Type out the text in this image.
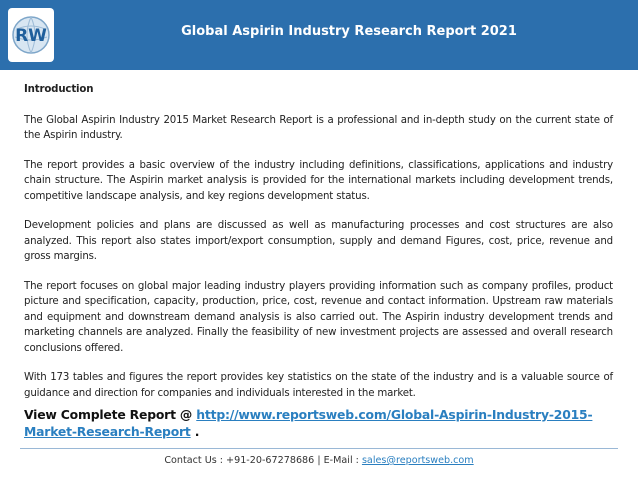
RW	Global Aspirin Industry Research Report 2021
Introduction

The Global Aspirin Industry 2015 Market Research Report is a professional and in-depth study on the current state of the Aspirin industry.

The report provides a basic overview of the industry including definitions, classifications, applications and industry chain structure. The Aspirin market analysis is provided for the international markets including development trends, competitive landscape analysis, and key regions development status.

Development policies and plans are discussed as well as manufacturing processes and cost structures are also analyzed. This report also states import/export consumption, supply and demand Figures, cost, price, revenue and gross margins.

The report focuses on global major leading industry players providing information such as company profiles, product picture and specification, capacity, production, price, cost, revenue and contact information. Upstream raw materials and equipment and downstream demand analysis is also carried out. The Aspirin industry development trends and marketing channels are analyzed. Finally the feasibility of new investment projects are assessed and overall research conclusions offered.

With 173 tables and figures the report provides key statistics on the state of the industry and is a valuable source of guidance and direction for companies and individuals interested in the market.

View Complete Report @ http://www.reportsweb.com/Global-Aspirin-Industry-2015-Market-Research-Report .
Contact Us : +91-20-67278686 | E-Mail : sales@reportsweb.com
